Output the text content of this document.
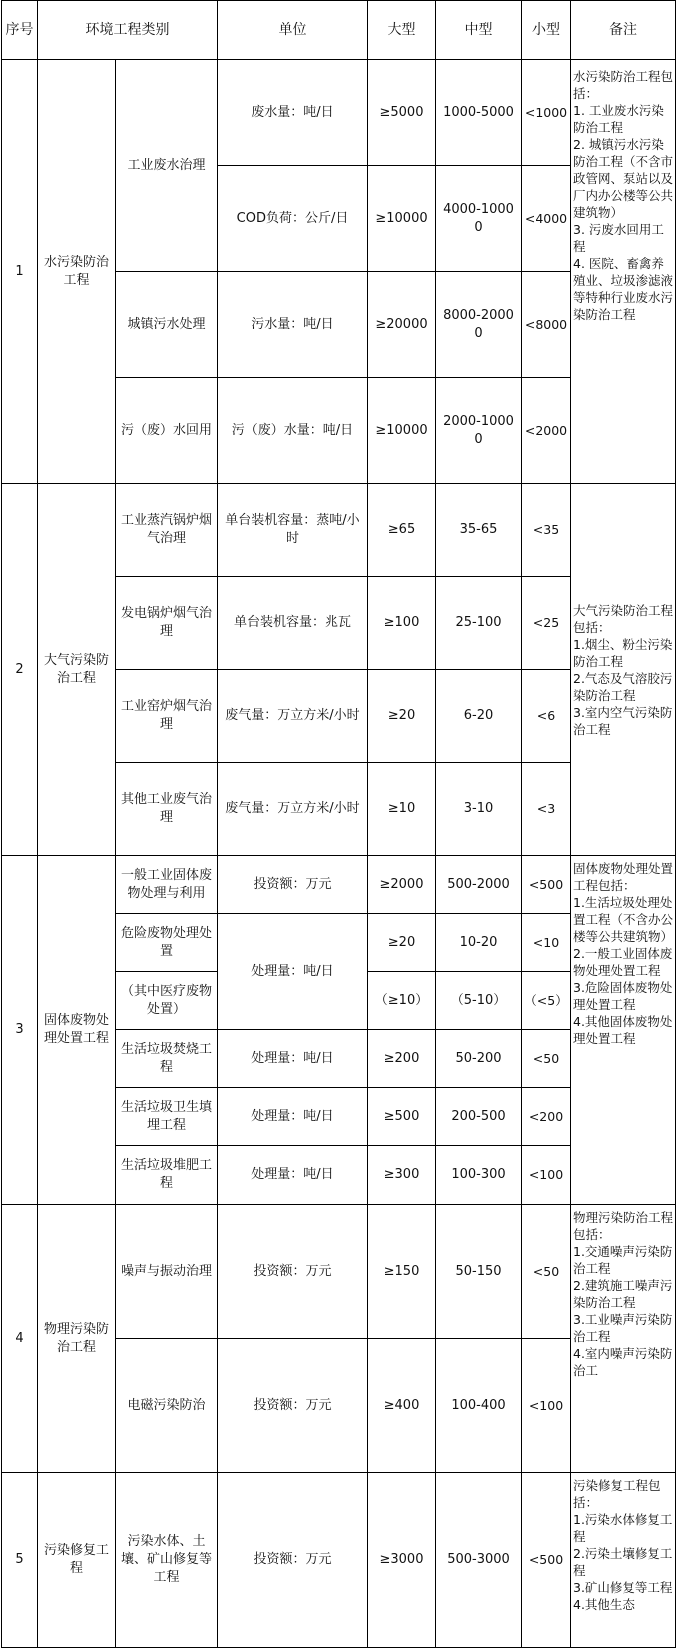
序号	环境工程类别		单位	大型	中型	小型	备注
1	水污染防治工程	工业废水治理	废水量：吨/日	≥5000	1000-5000	<1000	水污染防治工程包括：
1. 工业废水污染防治工程
2. 城镇污水污染防治工程（不含市政管网、泵站以及厂内办公楼等公共建筑物）
3. 污废水回用工程
4. 医院、畜禽养殖业、垃圾渗滤液等特种行业废水污染防治工程

			COD负荷：公斤/日	≥10000	4000-10000	<4000	
		城镇污水处理	污水量：吨/日	≥20000	8000-20000	<8000	
		污（废）水回用	污（废）水量：吨/日	≥10000	2000-10000	<2000	
2	大气污染防治工程	工业蒸汽锅炉烟气治理	单台装机容量：蒸吨/小时	≥65	35-65	<35	大气污染防治工程包括：
1.烟尘、粉尘污染防治工程
2.气态及气溶胶污染防治工程
3.室内空气污染防治工程

		发电锅炉烟气治理	单台装机容量：兆瓦	≥100	25-100	<25	
		工业窑炉烟气治理	废气量：万立方米/小时	≥20	6-20	<6	
		其他工业废气治理	废气量：万立方米/小时	≥10	3-10	<3	
3	固体废物处理处置工程	一般工业固体废物处理与利用	投资额：万元	≥2000	500-2000	<500	固体废物处理处置工程包括：
1.生活垃圾处理处置工程（不含办公楼等公共建筑物）
2.一般工业固体废物处理处置工程
3.危险固体废物处理处置工程
4.其他固体废物处理处置工程

		危险废物处理处置	处理量：吨/日	≥20	10-20	<10	
		（其中医疗废物处置）		（≥10）	（5-10）	（<5）	
		生活垃圾焚烧工程	处理量：吨/日	≥200	50-200	<50	
		生活垃圾卫生填埋工程	处理量：吨/日	≥500	200-500	<200	
		生活垃圾堆肥工程	处理量：吨/日	≥300	100-300	<100	
4	物理污染防治工程	噪声与振动治理	投资额：万元	≥150	50-150	<50	物理污染防治工程包括：
1.交通噪声污染防治工程
2.建筑施工噪声污染防治工程
3.工业噪声污染防治工程
4.室内噪声污染防治工

		电磁污染防治	投资额：万元	≥400	100-400	<100	
5	污染修复工程	污染水体、土壤、矿山修复等工程	投资额：万元	≥3000	500-3000	<500	污染修复工程包括：
1.污染水体修复工程
2.污染土壤修复工程
3.矿山修复等工程
4.其他生态
